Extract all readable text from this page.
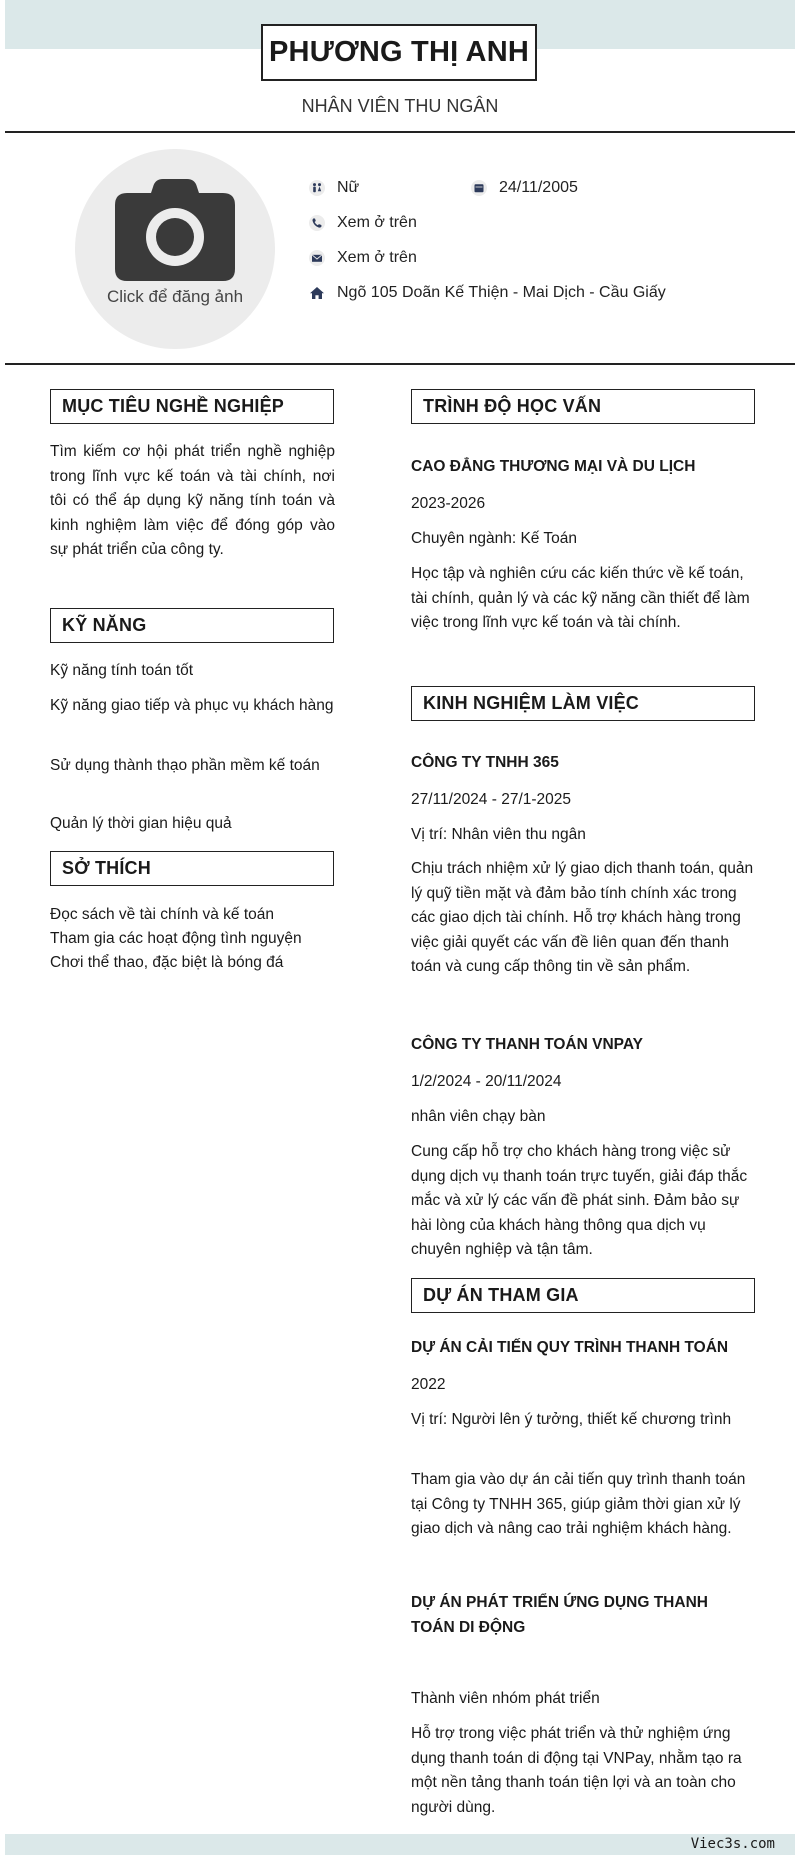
PHƯƠNG THỊ ANH
NHÂN VIÊN THU NGÂN
Click để đăng ảnh
Nữ	24/11/2005
Xem ở trên
Xem ở trên
Ngõ 105 Doãn Kế Thiện - Mai Dịch - Cầu Giấy
MỤC TIÊU NGHỀ NGHIỆP
Tìm kiếm cơ hội phát triển nghề nghiệp trong lĩnh vực kế toán và tài chính, nơi tôi có thể áp dụng kỹ năng tính toán và kinh nghiệm làm việc để đóng góp vào sự phát triển của công ty.
KỸ NĂNG
Kỹ năng tính toán tốt
Kỹ năng giao tiếp và phục vụ khách hàng
Sử dụng thành thạo phần mềm kế toán
Quản lý thời gian hiệu quả
SỞ THÍCH
Đọc sách về tài chính và kế toán
Tham gia các hoạt động tình nguyện
Chơi thể thao, đặc biệt là bóng đá
TRÌNH ĐỘ HỌC VẤN
CAO ĐẲNG THƯƠNG MẠI VÀ DU LỊCH
2023-2026
Chuyên ngành: Kế Toán
Học tập và nghiên cứu các kiến thức về kế toán, tài chính, quản lý và các kỹ năng cần thiết để làm việc trong lĩnh vực kế toán và tài chính.
KINH NGHIỆM LÀM VIỆC
CÔNG TY TNHH 365
27/11/2024 - 27/1-2025
Vị trí: Nhân viên thu ngân
Chịu trách nhiệm xử lý giao dịch thanh toán, quản lý quỹ tiền mặt và đảm bảo tính chính xác trong các giao dịch tài chính. Hỗ trợ khách hàng trong việc giải quyết các vấn đề liên quan đến thanh toán và cung cấp thông tin về sản phẩm.
CÔNG TY THANH TOÁN VNPAY
1/2/2024 - 20/11/2024
nhân viên chạy bàn
Cung cấp hỗ trợ cho khách hàng trong việc sử dụng dịch vụ thanh toán trực tuyến, giải đáp thắc mắc và xử lý các vấn đề phát sinh. Đảm bảo sự hài lòng của khách hàng thông qua dịch vụ chuyên nghiệp và tận tâm.
DỰ ÁN THAM GIA
DỰ ÁN CẢI TIẾN QUY TRÌNH THANH TOÁN
2022
Vị trí: Người lên ý tưởng, thiết kế chương trình
Tham gia vào dự án cải tiến quy trình thanh toán tại Công ty TNHH 365, giúp giảm thời gian xử lý giao dịch và nâng cao trải nghiệm khách hàng.
DỰ ÁN PHÁT TRIỂN ỨNG DỤNG THANH TOÁN DI ĐỘNG
Thành viên nhóm phát triển
Hỗ trợ trong việc phát triển và thử nghiệm ứng dụng thanh toán di động tại VNPay, nhằm tạo ra một nền tảng thanh toán tiện lợi và an toàn cho người dùng.
Viec3s.com
